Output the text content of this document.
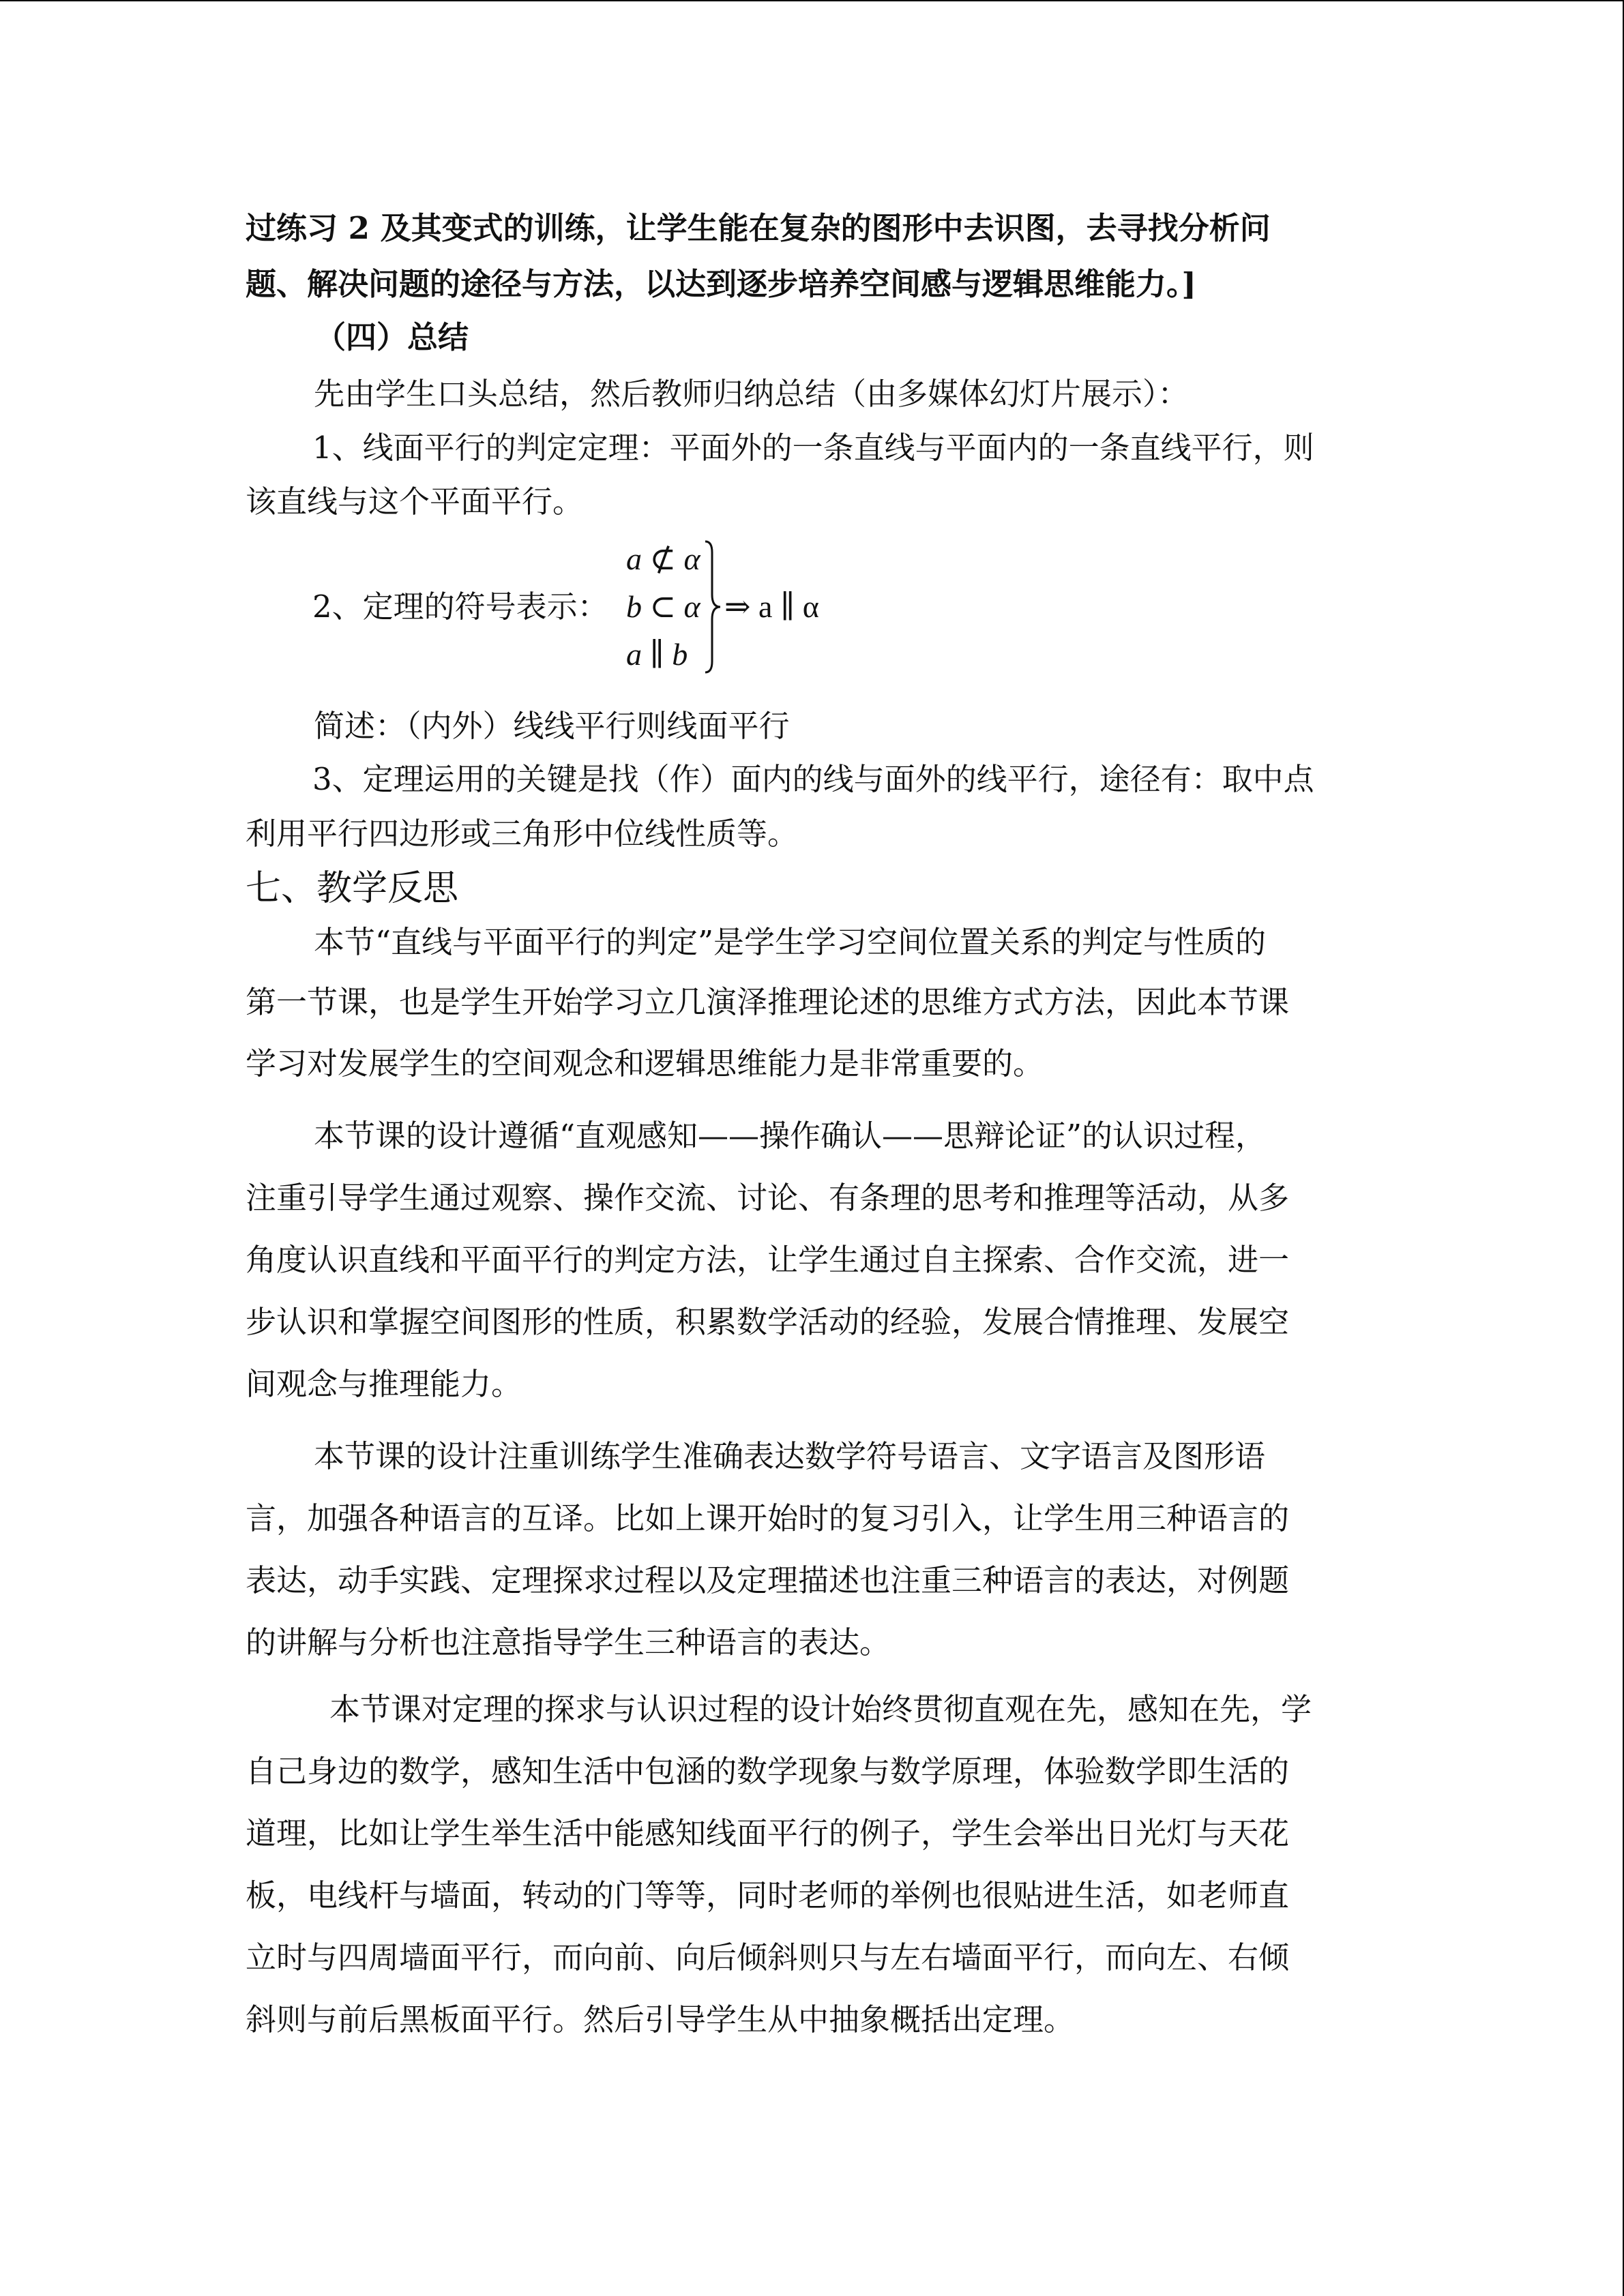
过练习 2 及其变式的训练，让学生能在复杂的图形中去识图，去寻找分析问
题、解决问题的途径与方法，以达到逐步培养空间感与逻辑思维能力。]
（四）总结
先由学生口头总结，然后教师归纳总结（由多媒体幻灯片展示）：
1、线面平行的判定定理：平面外的一条直线与平面内的一条直线平行，则
该直线与这个平面平行。
2、定理的符号表示：
a ⊄ α
b ⊂ α
a ∥ b
⇒ a ∥ α
简述：（内外）线线平行则线面平行
3、定理运用的关键是找（作）面内的线与面外的线平行，途径有：取中点
利用平行四边形或三角形中位线性质等。
七、教学反思
本节“直线与平面平行的判定”是学生学习空间位置关系的判定与性质的
第一节课，也是学生开始学习立几演泽推理论述的思维方式方法，因此本节课
学习对发展学生的空间观念和逻辑思维能力是非常重要的。
本节课的设计遵循“直观感知——操作确认——思辩论证”的认识过程，
注重引导学生通过观察、操作交流、讨论、有条理的思考和推理等活动，从多
角度认识直线和平面平行的判定方法，让学生通过自主探索、合作交流，进一
步认识和掌握空间图形的性质，积累数学活动的经验，发展合情推理、发展空
间观念与推理能力。
本节课的设计注重训练学生准确表达数学符号语言、文字语言及图形语
言，加强各种语言的互译。比如上课开始时的复习引入，让学生用三种语言的
表达，动手实践、定理探求过程以及定理描述也注重三种语言的表达，对例题
的讲解与分析也注意指导学生三种语言的表达。
本节课对定理的探求与认识过程的设计始终贯彻直观在先，感知在先，学
自己身边的数学，感知生活中包涵的数学现象与数学原理，体验数学即生活的
道理，比如让学生举生活中能感知线面平行的例子，学生会举出日光灯与天花
板，电线杆与墙面，转动的门等等，同时老师的举例也很贴进生活，如老师直
立时与四周墙面平行，而向前、向后倾斜则只与左右墙面平行，而向左、右倾
斜则与前后黑板面平行。然后引导学生从中抽象概括出定理。
